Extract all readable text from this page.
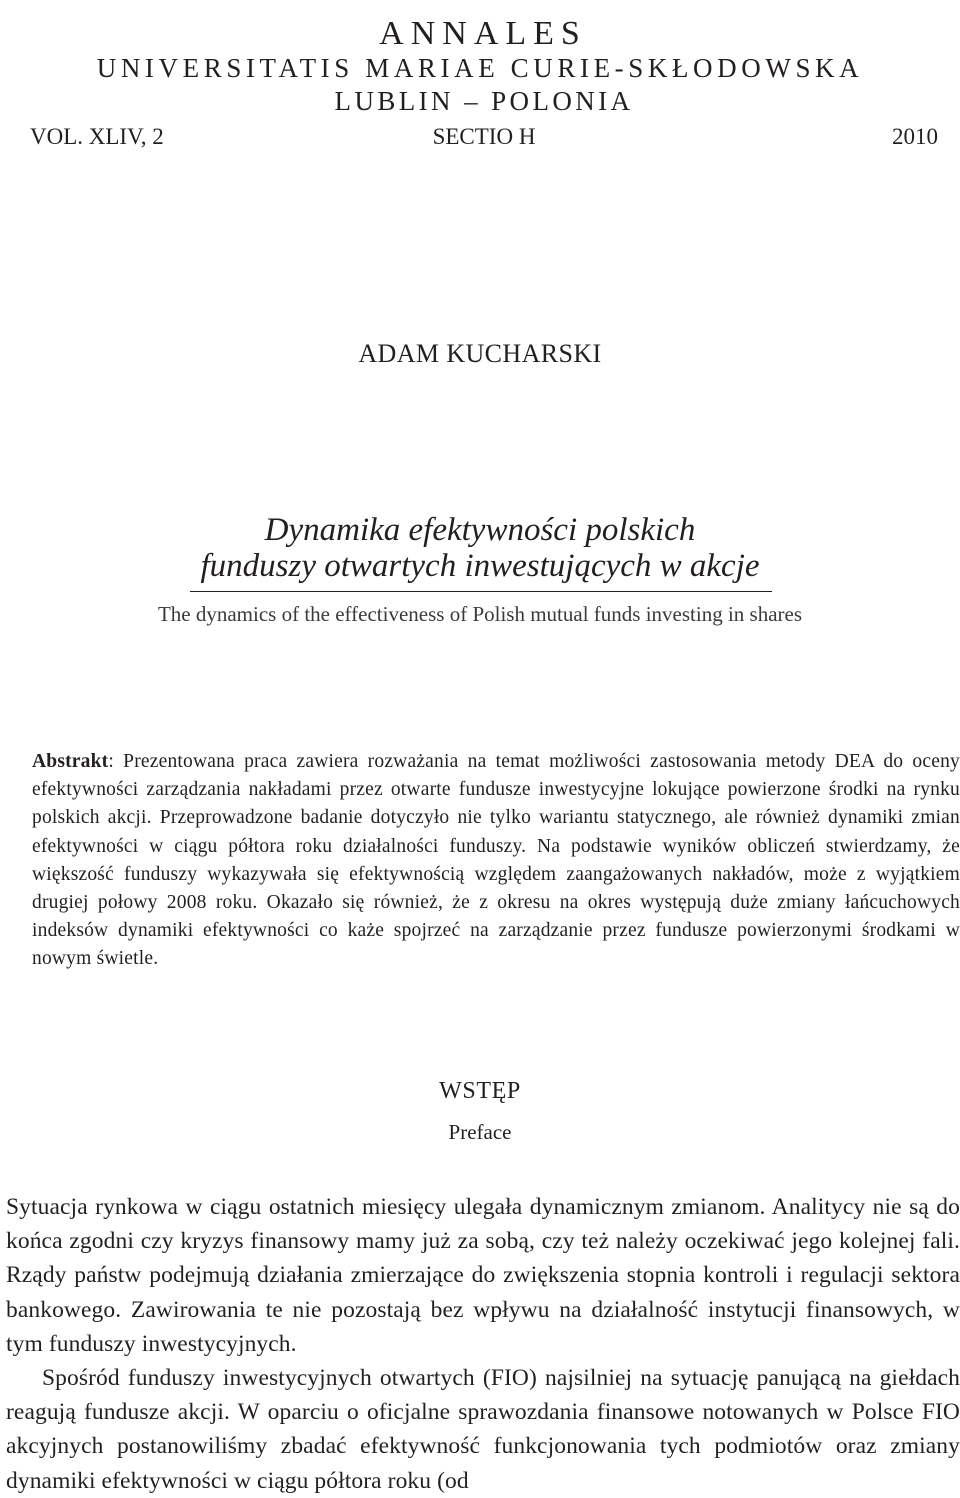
ANNALES
UNIVERSITATIS MARIAE CURIE-SKŁODOWSKA
LUBLIN – POLONIA
VOL. XLIV, 2	SECTIO H	2010
ADAM KUCHARSKI
Dynamika efektywności polskich
funduszy otwartych inwestujących w akcje
The dynamics of the effectiveness of Polish mutual funds investing in shares
Abstrakt: Prezentowana praca zawiera rozważania na temat możliwości zastosowania metody DEA do oceny efektywności zarządzania nakładami przez otwarte fundusze inwestycyjne lokujące powierzone środki na rynku polskich akcji. Przeprowadzone badanie dotyczyło nie tylko wariantu statycznego, ale również dynamiki zmian efektywności w ciągu półtora roku działalności funduszy. Na podstawie wyników obliczeń stwierdzamy, że większość funduszy wykazywała się efektywnością względem zaangażowanych nakładów, może z wyjątkiem drugiej połowy 2008 roku. Okazało się również, że z okresu na okres występują duże zmiany łańcuchowych indeksów dynamiki efektywności co każe spojrzeć na zarządzanie przez fundusze powierzonymi środkami w nowym świetle.
WSTĘP
Preface

Sytuacja rynkowa w ciągu ostatnich miesięcy ulegała dynamicznym zmianom. Analitycy nie są do końca zgodni czy kryzys finansowy mamy już za sobą, czy też należy oczekiwać jego kolejnej fali. Rządy państw podejmują działania zmierzające do zwiększenia stopnia kontroli i regulacji sektora bankowego. Zawirowania te nie pozostają bez wpływu na działalność instytucji finansowych, w tym funduszy inwestycyjnych.

Spośród funduszy inwestycyjnych otwartych (FIO) najsilniej na sytuację panującą na giełdach reagują fundusze akcji. W oparciu o oficjalne sprawozdania finansowe notowanych w Polsce FIO akcyjnych postanowiliśmy zbadać efektywność funkcjonowania tych podmiotów oraz zmiany dynamiki efektywności w ciągu półtora roku (od
